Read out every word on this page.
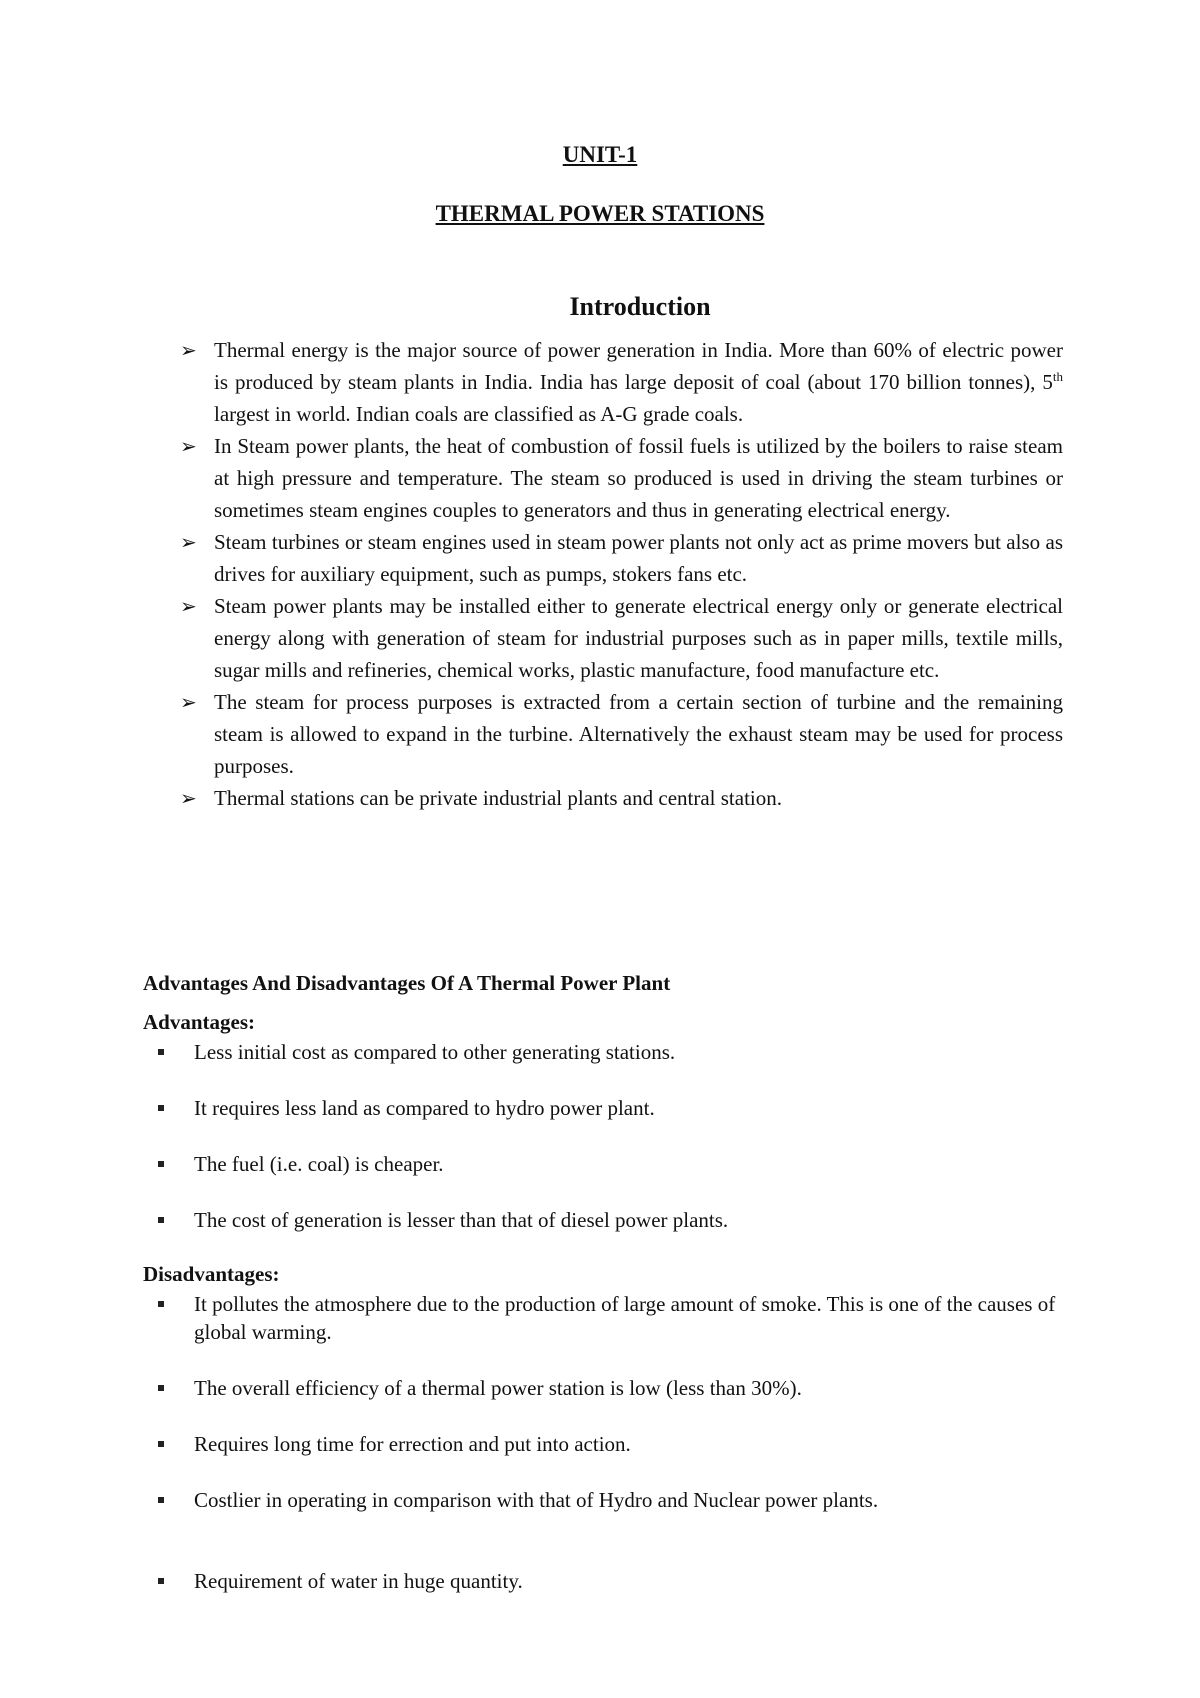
UNIT-1
THERMAL POWER STATIONS
Introduction
➢ Thermal energy is the major source of power generation in India. More than 60% of electric power is produced by steam plants in India. India has large deposit of coal (about 170 billion tonnes), 5th largest in world. Indian coals are classified as A-G grade coals.
➢ In Steam power plants, the heat of combustion of fossil fuels is utilized by the boilers to raise steam at high pressure and temperature. The steam so produced is used in driving the steam turbines or sometimes steam engines couples to generators and thus in generating electrical energy.
➢ Steam turbines or steam engines used in steam power plants not only act as prime movers but also as drives for auxiliary equipment, such as pumps, stokers fans etc.
➢ Steam power plants may be installed either to generate electrical energy only or generate electrical energy along with generation of steam for industrial purposes such as in paper mills, textile mills, sugar mills and refineries, chemical works, plastic manufacture, food manufacture etc.
➢ The steam for process purposes is extracted from a certain section of turbine and the remaining steam is allowed to expand in the turbine. Alternatively the exhaust steam may be used for process purposes.
➢ Thermal stations can be private industrial plants and central station.
Advantages And Disadvantages Of A Thermal Power Plant
Advantages:
Less initial cost as compared to other generating stations.
It requires less land as compared to hydro power plant.
The fuel (i.e. coal) is cheaper.
The cost of generation is lesser than that of diesel power plants.
Disadvantages:
It pollutes the atmosphere due to the production of large amount of smoke. This is one of the causes of global warming.
The overall efficiency of a thermal power station is low (less than 30%).
Requires long time for errection and put into action.
Costlier in operating in comparison with that of Hydro and Nuclear power plants.
Requirement of water in huge quantity.
